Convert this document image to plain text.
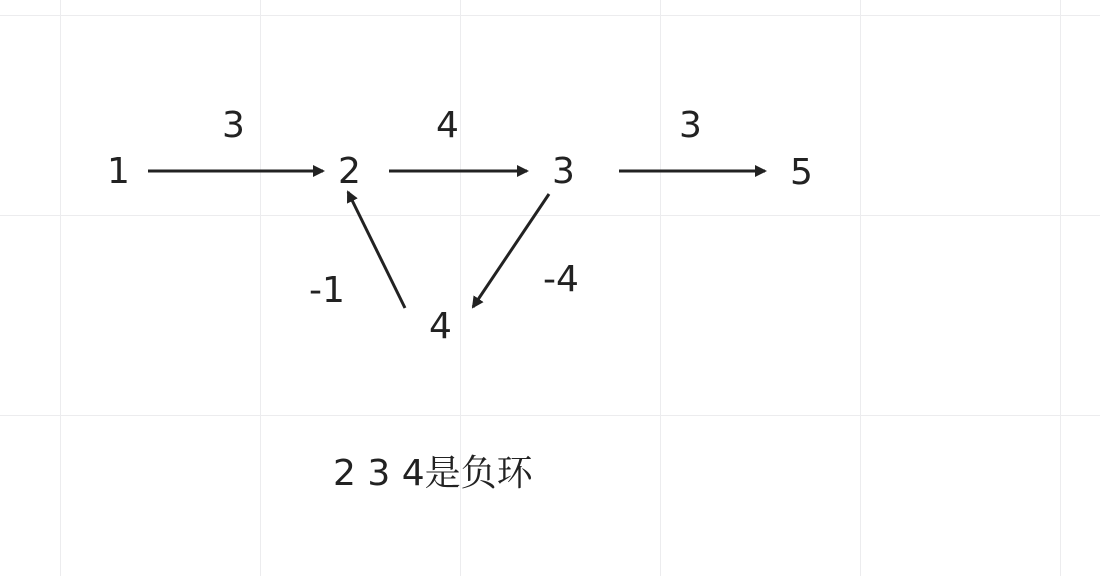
1	2	3
4
5
3	4	3
-4
-1
2 3 4是负环
